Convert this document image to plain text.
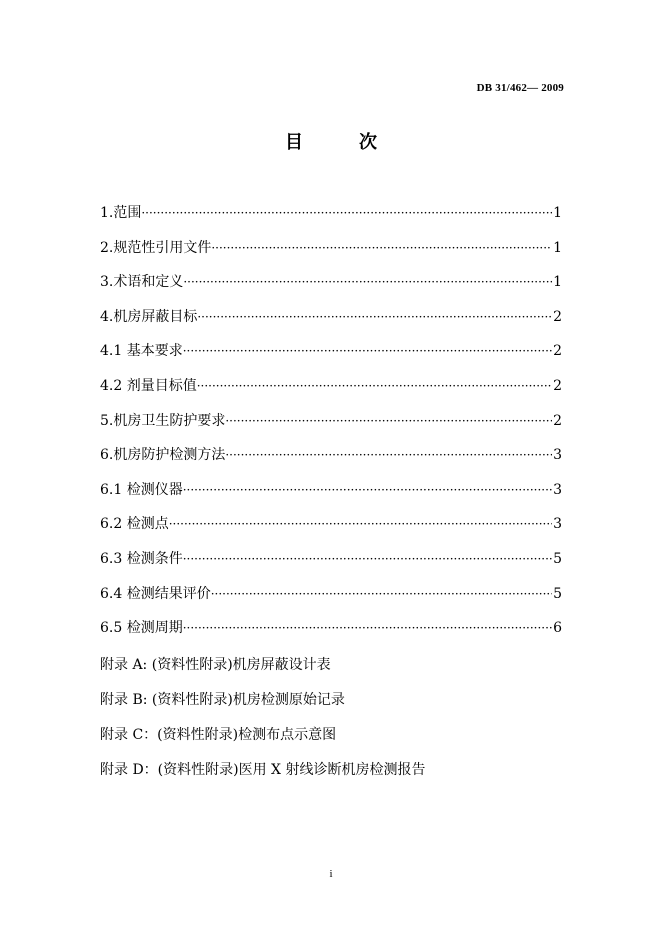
DB 31/462— 2009
目	次
1.范围 ·····	1
2.规范性引用文件 ·····	1
3.术语和定义 ·····	1
4.机房屏蔽目标 ·····	2
4.1 基本要求 ·····	2
4.2 剂量目标值 ·····	2
5.机房卫生防护要求 ·····	2
6.机房防护检测方法 ·····	3
6.1 检测仪器 ·····	3
6.2 检测点 ·····	3
6.3 检测条件 ·····	5
6.4 检测结果评价 ·····	5
6.5 检测周期 ·····	6
附录 A: (资料性附录)机房屏蔽设计表
附录 B: (资料性附录)机房检测原始记录
附录 C：(资料性附录)检测布点示意图
附录 D：(资料性附录)医用 X 射线诊断机房检测报告
i
